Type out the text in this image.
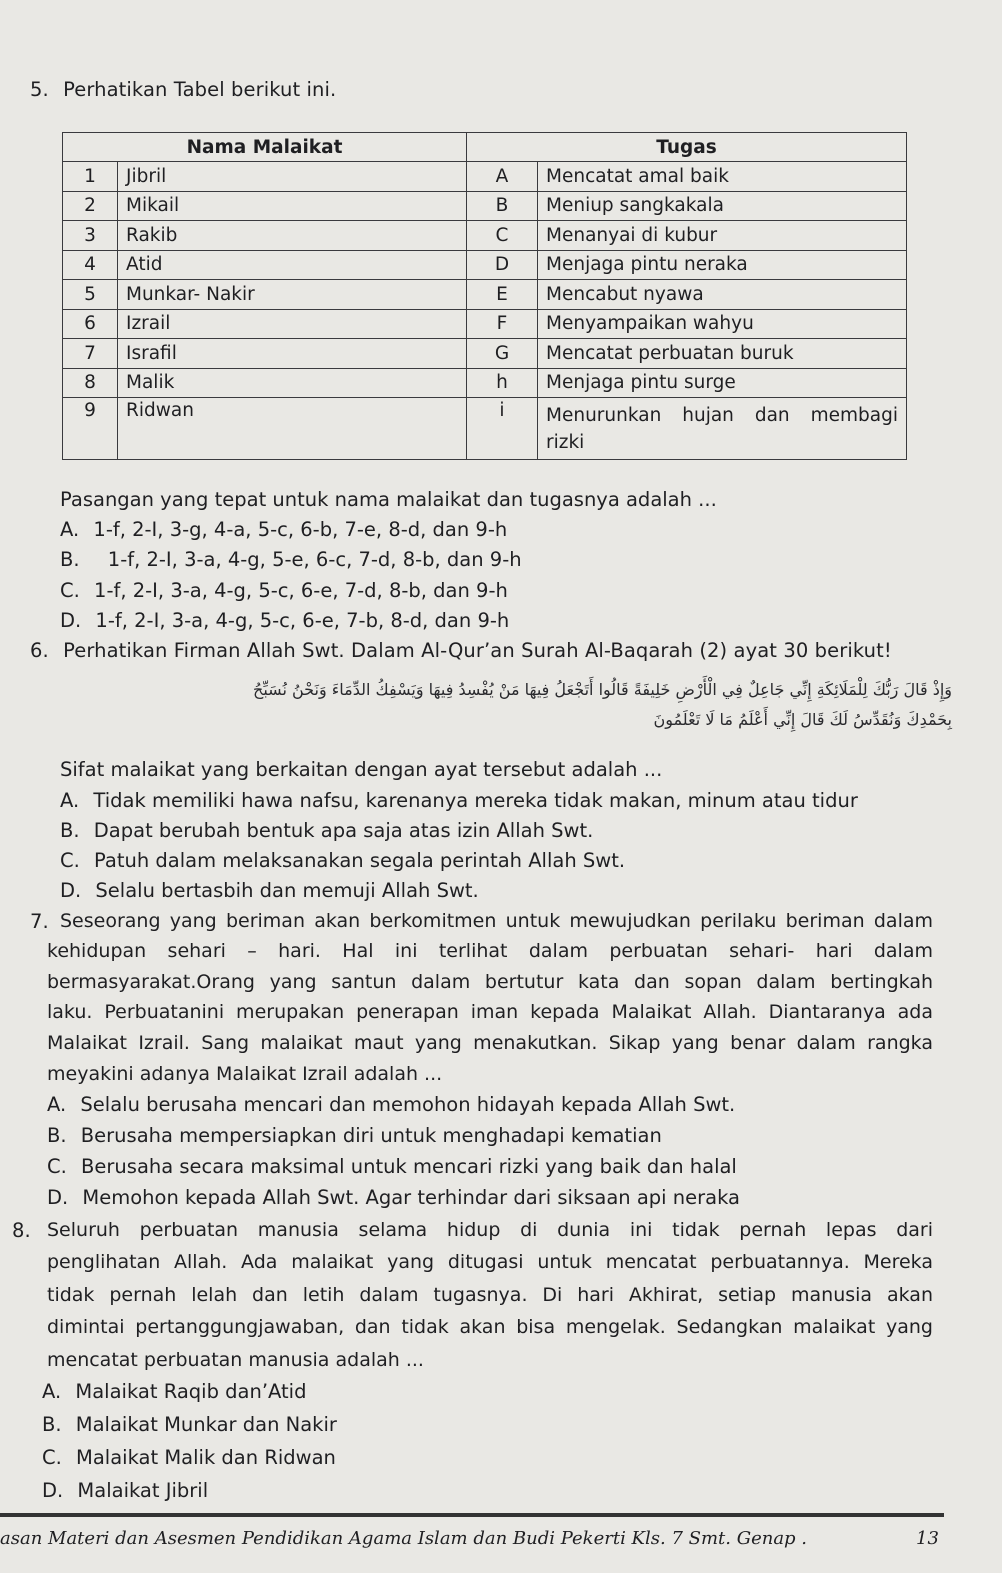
5. Perhatikan Tabel berikut ini.
Nama Malaikat		Tugas	
1	Jibril	A	Mencatat amal baik
2	Mikail	B	Meniup sangkakala
3	Rakib	C	Menanyai di kubur
4	Atid	D	Menjaga pintu neraka
5	Munkar- Nakir	E	Mencabut nyawa
6	Izrail	F	Menyampaikan wahyu
7	Israfil	G	Mencatat perbuatan buruk
8	Malik	h	Menjaga pintu surge
9	Ridwan	i	Menurunkan hujan dan membagi
rizki
Pasangan yang tepat untuk nama malaikat dan tugasnya adalah ...
A. 1-f, 2-I, 3-g, 4-a, 5-c, 6-b, 7-e, 8-d, dan 9-h
B. 1-f, 2-I, 3-a, 4-g, 5-e, 6-c, 7-d, 8-b, dan 9-h
C. 1-f, 2-I, 3-a, 4-g, 5-c, 6-e, 7-d, 8-b, dan 9-h
D. 1-f, 2-I, 3-a, 4-g, 5-c, 6-e, 7-b, 8-d, dan 9-h
6. Perhatikan Firman Allah Swt. Dalam Al-Qur’an Surah Al-Baqarah (2) ayat 30 berikut!
وَإِذْ قَالَ رَبُّكَ لِلْمَلَائِكَةِ إِنِّي جَاعِلٌ فِي الْأَرْضِ خَلِيفَةً قَالُوا أَتَجْعَلُ فِيهَا مَنْ يُفْسِدُ فِيهَا وَيَسْفِكُ الدِّمَاءَ وَنَحْنُ نُسَبِّحُ
بِحَمْدِكَ وَنُقَدِّسُ لَكَ قَالَ إِنِّي أَعْلَمُ مَا لَا تَعْلَمُونَ
Sifat malaikat yang berkaitan dengan ayat tersebut adalah ...
A. Tidak memiliki hawa nafsu, karenanya mereka tidak makan, minum atau tidur
B. Dapat berubah bentuk apa saja atas izin Allah Swt.
C. Patuh dalam melaksanakan segala perintah Allah Swt.
D. Selalu bertasbih dan memuji Allah Swt.
7. Seseorang yang beriman akan berkomitmen untuk mewujudkan perilaku beriman dalam
kehidupan sehari – hari. Hal ini terlihat dalam perbuatan sehari- hari dalam
bermasyarakat.Orang yang santun dalam bertutur kata dan sopan dalam bertingkah
laku. Perbuatanini merupakan penerapan iman kepada Malaikat Allah. Diantaranya ada
Malaikat Izrail. Sang malaikat maut yang menakutkan. Sikap yang benar dalam rangka
meyakini adanya Malaikat Izrail adalah ...
A. Selalu berusaha mencari dan memohon hidayah kepada Allah Swt.
B. Berusaha mempersiapkan diri untuk menghadapi kematian
C. Berusaha secara maksimal untuk mencari rizki yang baik dan halal
D. Memohon kepada Allah Swt. Agar terhindar dari siksaan api neraka
8. Seluruh perbuatan manusia selama hidup di dunia ini tidak pernah lepas dari
penglihatan Allah. Ada malaikat yang ditugasi untuk mencatat perbuatannya. Mereka
tidak pernah lelah dan letih dalam tugasnya. Di hari Akhirat, setiap manusia akan
dimintai pertanggungjawaban, dan tidak akan bisa mengelak. Sedangkan malaikat yang
mencatat perbuatan manusia adalah ...
A. Malaikat Raqib dan’Atid
B. Malaikat Munkar dan Nakir
C. Malaikat Malik dan Ridwan
D. Malaikat Jibril
asan Materi dan Asesmen Pendidikan Agama Islam dan Budi Pekerti Kls. 7 Smt. Genap .	13
